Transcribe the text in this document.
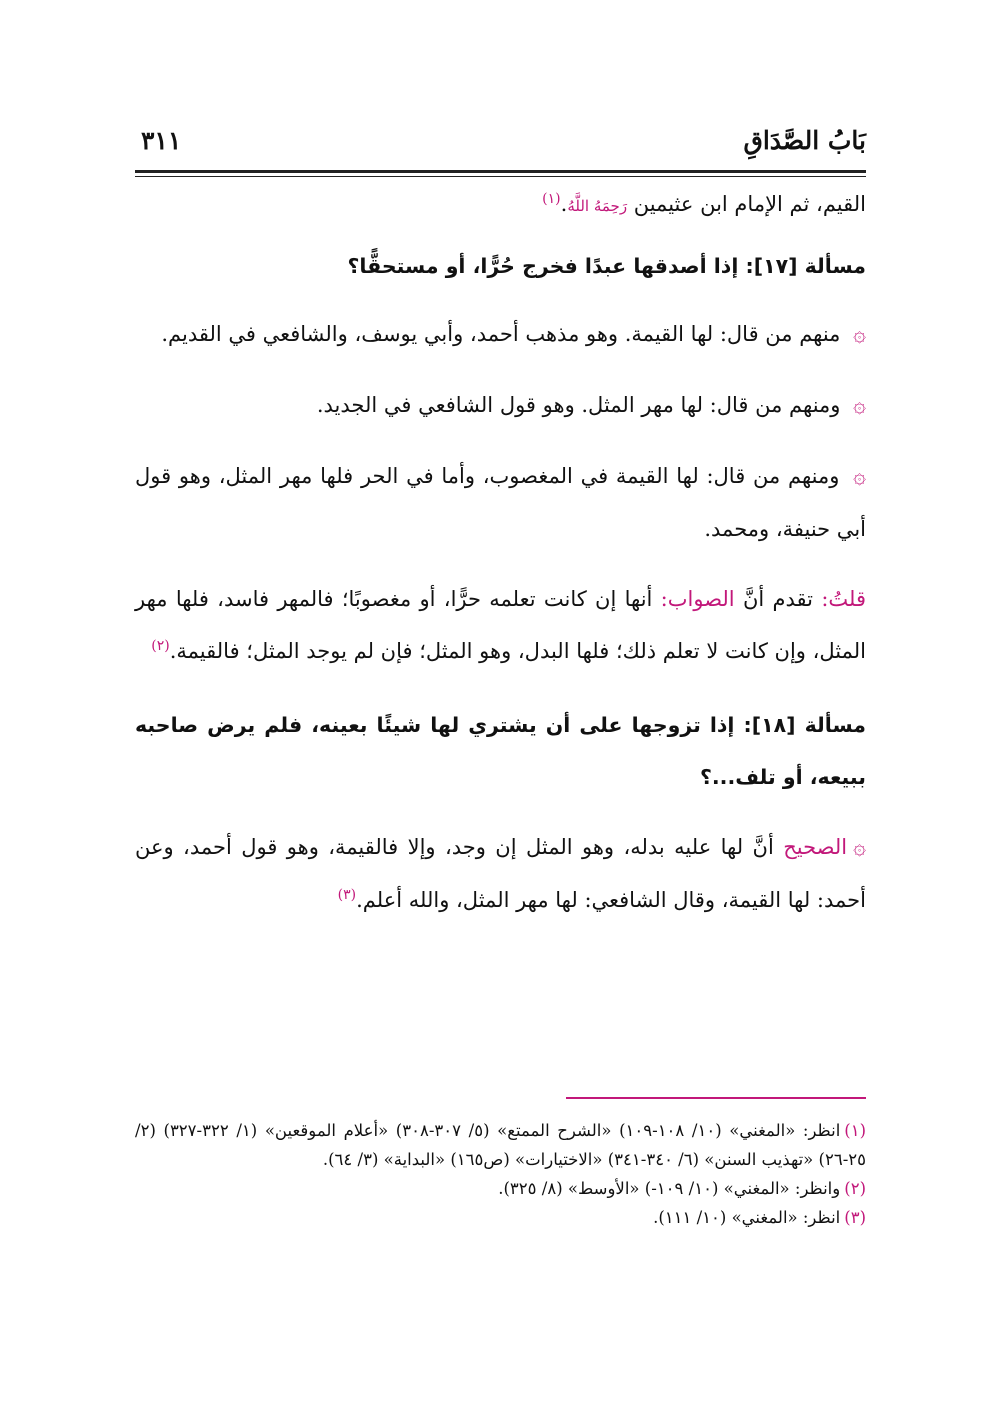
بَابُ الصَّدَاقِ
٣١١

القيم، ثم الإمام ابن عثيمين رَحِمَهُ اللَّهُ.$^{(١)}$

مسألة [١٧]: إذا أصدقها عبدًا فخرج حُرًّا، أو مستحقًّا؟

۞ منهم من قال: لها القيمة. وهو مذهب أحمد، وأبي يوسف، والشافعي في القديم.

۞ ومنهم من قال: لها مهر المثل. وهو قول الشافعي في الجديد.

۞ ومنهم من قال: لها القيمة في المغصوب، وأما في الحر فلها مهر المثل، وهو قول أبي حنيفة، ومحمد.

قلتُ: تقدم أنَّ الصواب: أنها إن كانت تعلمه حرًّا، أو مغصوبًا؛ فالمهر فاسد، فلها مهر المثل، وإن كانت لا تعلم ذلك؛ فلها البدل، وهو المثل؛ فإن لم يوجد المثل؛ فالقيمة.$^{(٢)}$

مسألة [١٨]: إذا تزوجها على أن يشتري لها شيئًا بعينه، فلم يرض صاحبه ببيعه، أو تلف...؟

۞الصحيح أنَّ لها عليه بدله، وهو المثل إن وجد، وإلا فالقيمة، وهو قول أحمد، وعن أحمد: لها القيمة، وقال الشافعي: لها مهر المثل، والله أعلم.$^{(٣)}$

(١)انظر: «المغني» (١٠/ ١٠٨-١٠٩) «الشرح الممتع» (٥/ ٣٠٧-٣٠٨) «أعلام الموقعين» (١/ ٣٢٢-٣٢٧) (٢/ ٢٥-٢٦) «تهذيب السنن» (٦/ ٣٤٠-٣٤١) «الاختيارات» (ص١٦٥) «البداية» (٣/ ٦٤).

(٢)وانظر: «المغني» (١٠/ ١٠٩-) «الأوسط» (٨/ ٣٢٥).

(٣)انظر: «المغني» (١٠/ ١١١).
